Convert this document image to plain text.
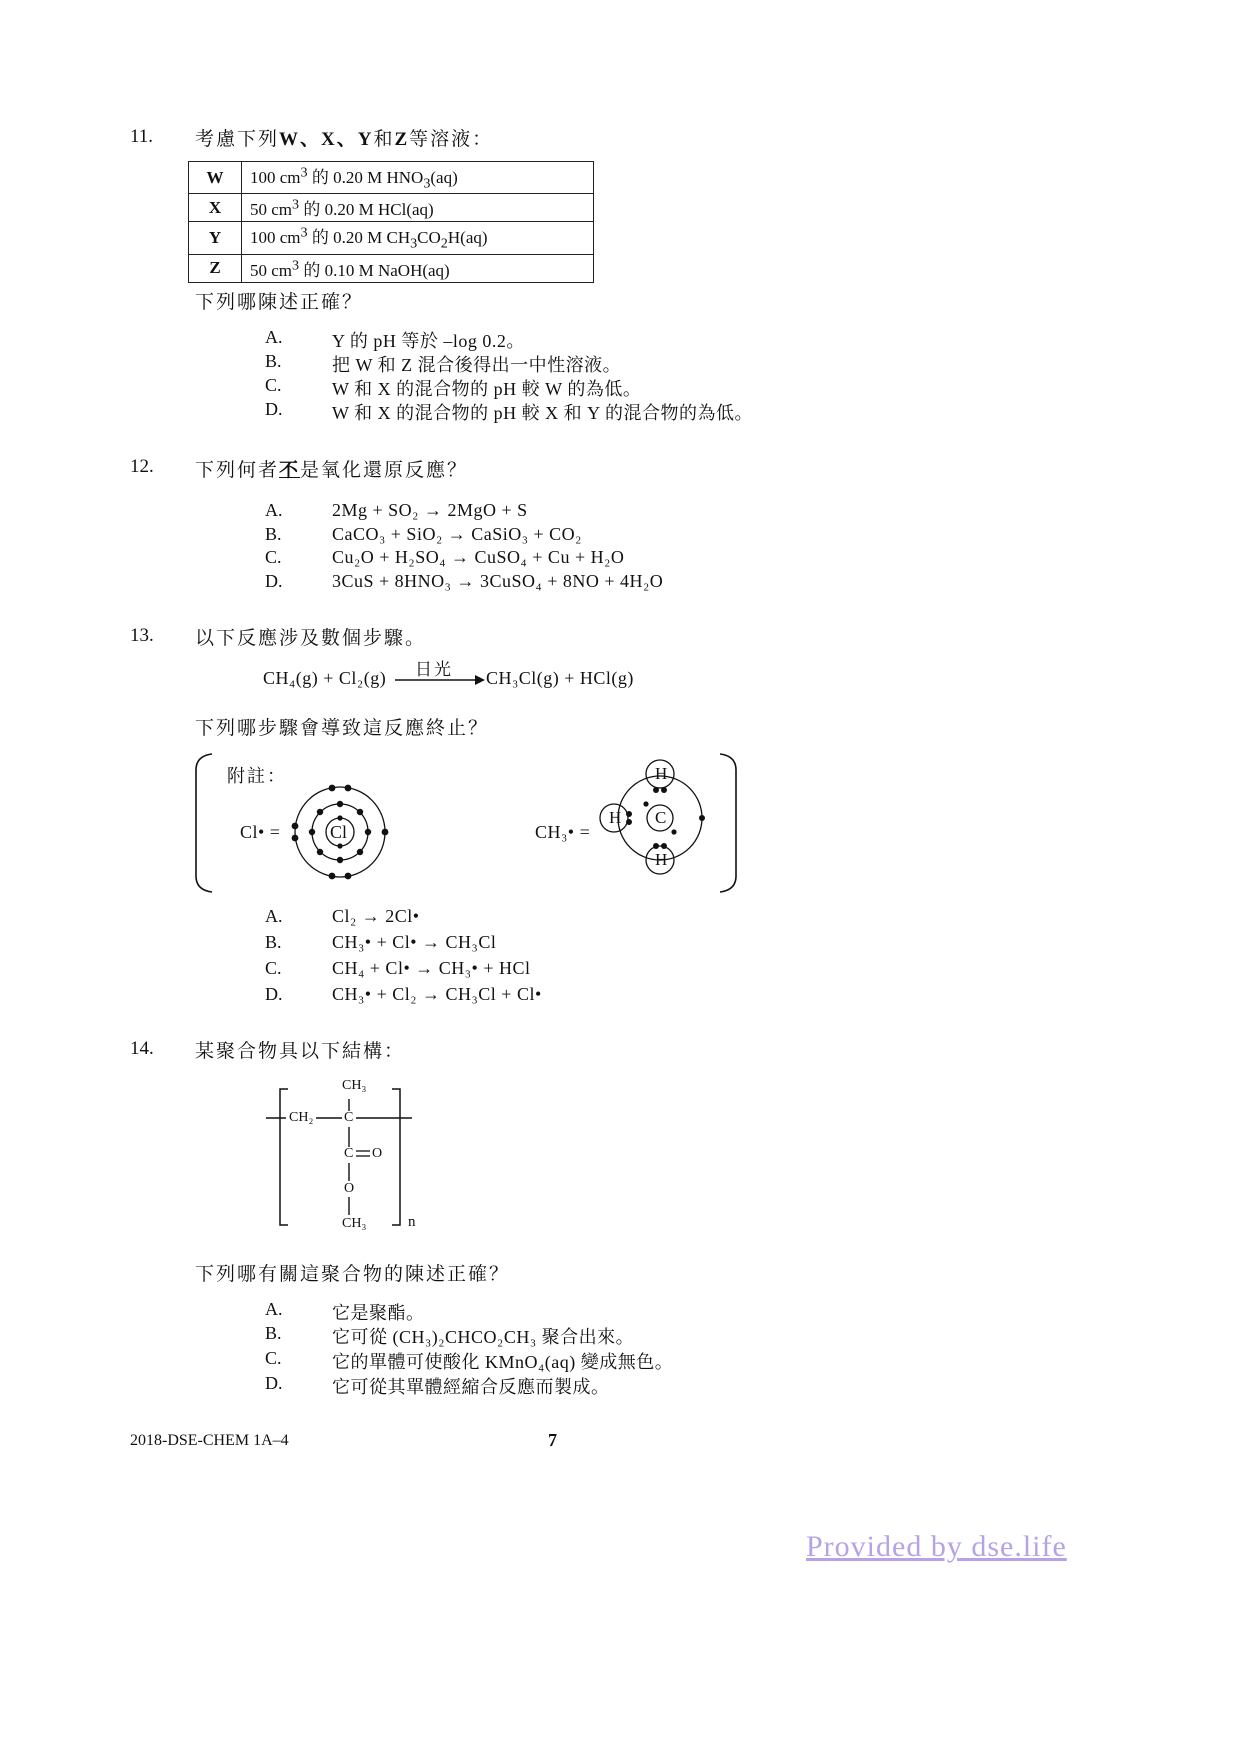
11. 考慮下列W、X、Y和Z等溶液：
W	100 $cm^3$ 的 0.20 M $HNO_3(aq)$
X	50 $cm^3$ 的 0.20 M HCl(aq)
Y	100 $cm^3$ 的 0.20 M $CH_3CO_2H(aq)$
Z	50 $cm^3$ 的 0.10 M NaOH(aq)
下列哪陳述正確？
A.	Y 的 pH 等於 –log 0.2。
B.	把 W 和 Z 混合後得出一中性溶液。
C.	W 和 X 的混合物的 pH 較 W 的為低。
D.	W 和 X 的混合物的 pH 較 X 和 Y 的混合物的為低。
12. 下列何者不是氧化還原反應？
A.	2Mg + SO₂ → 2MgO + S
B.	CaCO₃ + SiO₂ → CaSiO₃ + CO₂
C.	Cu₂O + H₂SO₄ → CuSO₄ + Cu + H₂O
D.	3CuS + 8HNO₃ → 3CuSO₄ + 8NO + 4H₂O
13. 以下反應涉及數個步驟。
CH₄(g) + Cl₂(g) 日光 CH₃Cl(g) + HCl(g)
下列哪步驟會導致這反應終止？
附註：
Cl• =	Cl	CH₃• =
C
H
H
H
A.	Cl₂ → 2Cl•
B.	CH₃• + Cl• → CH₃Cl
C.	CH₄ + Cl• → CH₃• + HCl
D.	CH₃• + Cl₂ → CH₃Cl + Cl•
14. 某聚合物具以下結構：
CH₃
CH₂ C
C O
O
CH₃	n
下列哪有關這聚合物的陳述正確？
A.	它是聚酯。
B.	它可從 (CH₃)₂CHCO₂CH₃ 聚合出來。
C.	它的單體可使酸化 KMnO₄(aq) 變成無色。
D.	它可從其單體經縮合反應而製成。
2018-DSE-CHEM 1A–4	7
Provided by dse.life
